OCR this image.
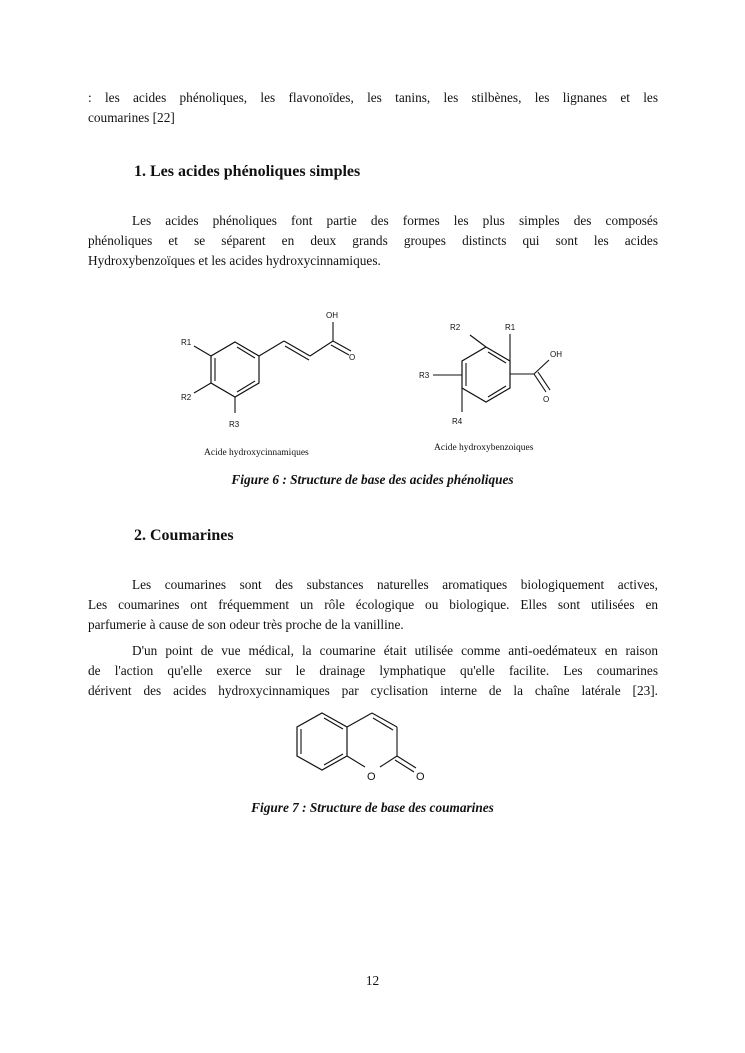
: les acides phénoliques, les flavonoïdes, les tanins, les stilbènes, les lignanes et les
coumarines [22]
1. Les acides phénoliques simples
Les acides phénoliques font partie des formes les plus simples des composés
phénoliques et se séparent en deux grands groupes distincts qui sont les acides
Hydroxybenzoïques et les acides hydroxycinnamiques.
OH
O
R1
R2
R3
Acide hydroxycinnamiques
OH
O
R1
R2
R3
R4
Acide hydroxybenzoiques
Figure 6 : Structure de base des acides phénoliques
2. Coumarines
Les coumarines sont des substances naturelles aromatiques biologiquement actives,
Les coumarines ont fréquemment un rôle écologique ou biologique. Elles sont utilisées en
parfumerie à cause de son odeur très proche de la vanilline.
D'un point de vue médical, la coumarine était utilisée comme anti-oedémateux en raison
de l'action qu'elle exerce sur le drainage lymphatique qu'elle facilite. Les coumarines
dérivent des acides hydroxycinnamiques par cyclisation interne de la chaîne latérale [23].
O	O
Figure 7 : Structure de base des coumarines
12
